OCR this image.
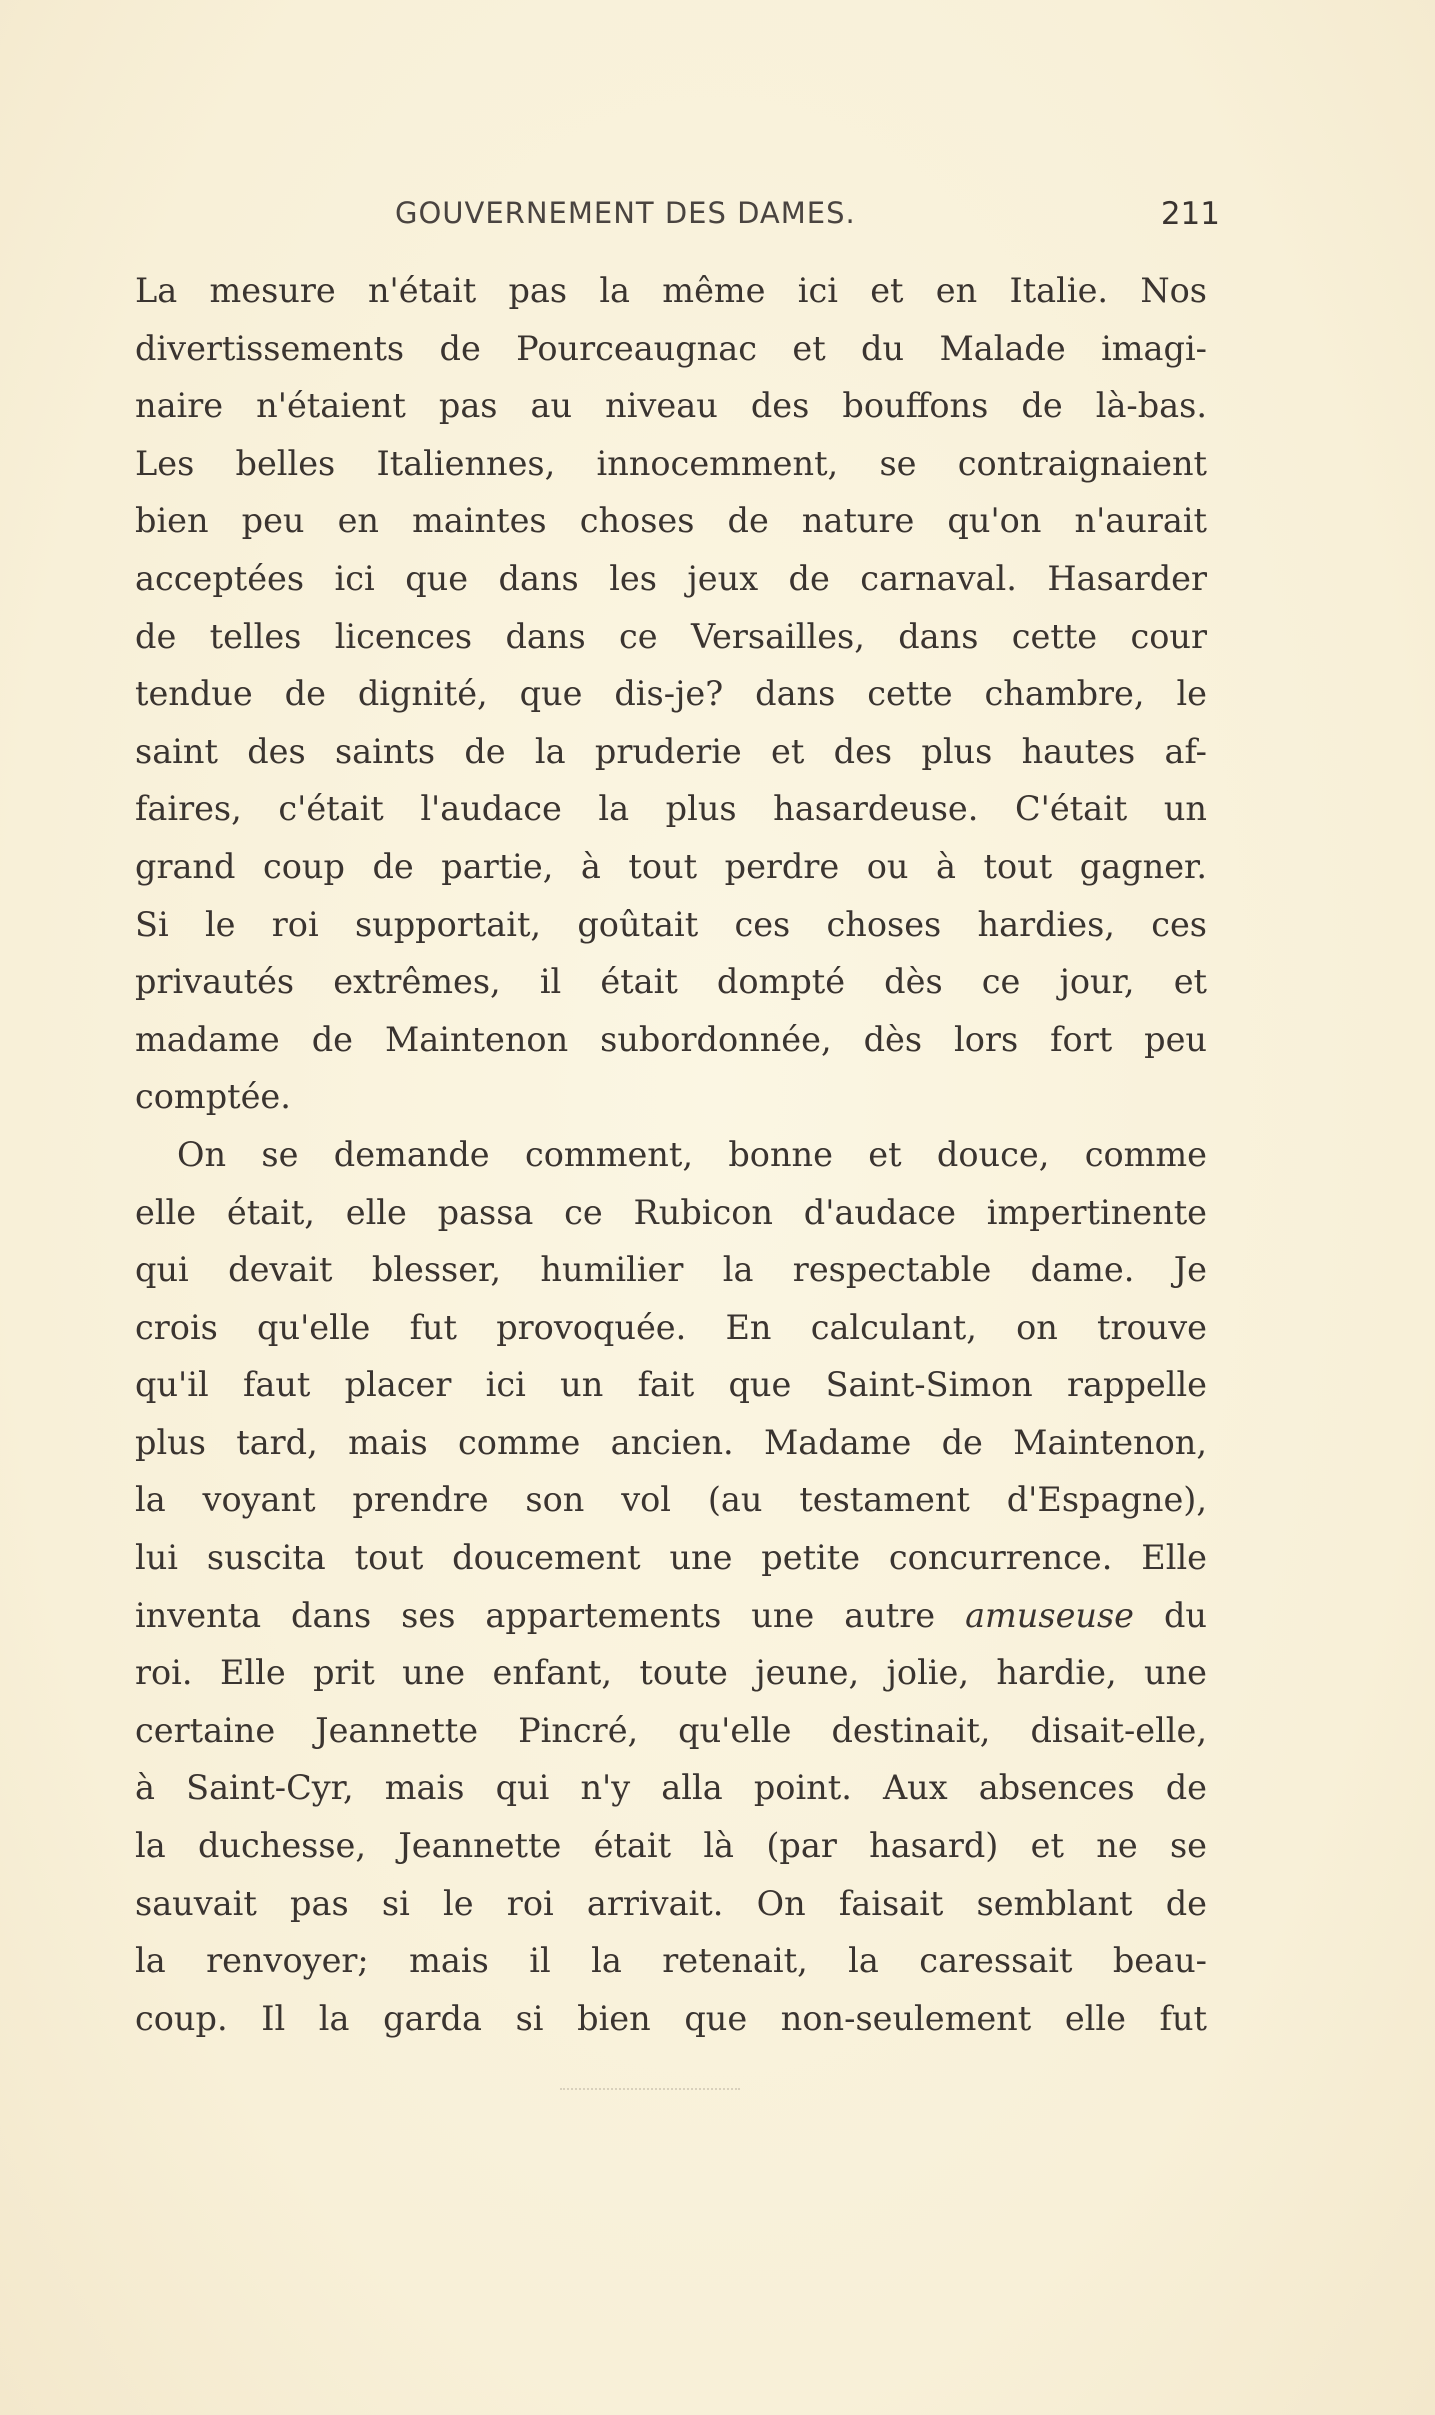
GOUVERNEMENT DES DAMES.	211
La mesure n'était pas la même ici et en Italie. Nos
divertissements de Pourceaugnac et du Malade imagi-
naire n'étaient pas au niveau des bouffons de là-bas.
Les belles Italiennes, innocemment, se contraignaient
bien peu en maintes choses de nature qu'on n'aurait
acceptées ici que dans les jeux de carnaval. Hasarder
de telles licences dans ce Versailles, dans cette cour
tendue de dignité, que dis-je? dans cette chambre, le
saint des saints de la pruderie et des plus hautes af-
faires, c'était l'audace la plus hasardeuse. C'était un
grand coup de partie, à tout perdre ou à tout gagner.
Si le roi supportait, goûtait ces choses hardies, ces
privautés extrêmes, il était dompté dès ce jour, et
madame de Maintenon subordonnée, dès lors fort peu
comptée.
On se demande comment, bonne et douce, comme
elle était, elle passa ce Rubicon d'audace impertinente
qui devait blesser, humilier la respectable dame. Je
crois qu'elle fut provoquée. En calculant, on trouve
qu'il faut placer ici un fait que Saint-Simon rappelle
plus tard, mais comme ancien. Madame de Maintenon,
la voyant prendre son vol (au testament d'Espagne),
lui suscita tout doucement une petite concurrence. Elle
inventa dans ses appartements une autre amuseuse du
roi. Elle prit une enfant, toute jeune, jolie, hardie, une
certaine Jeannette Pincré, qu'elle destinait, disait-elle,
à Saint-Cyr, mais qui n'y alla point. Aux absences de
la duchesse, Jeannette était là (par hasard) et ne se
sauvait pas si le roi arrivait. On faisait semblant de
la renvoyer; mais il la retenait, la caressait beau-
coup. Il la garda si bien que non-seulement elle fut
